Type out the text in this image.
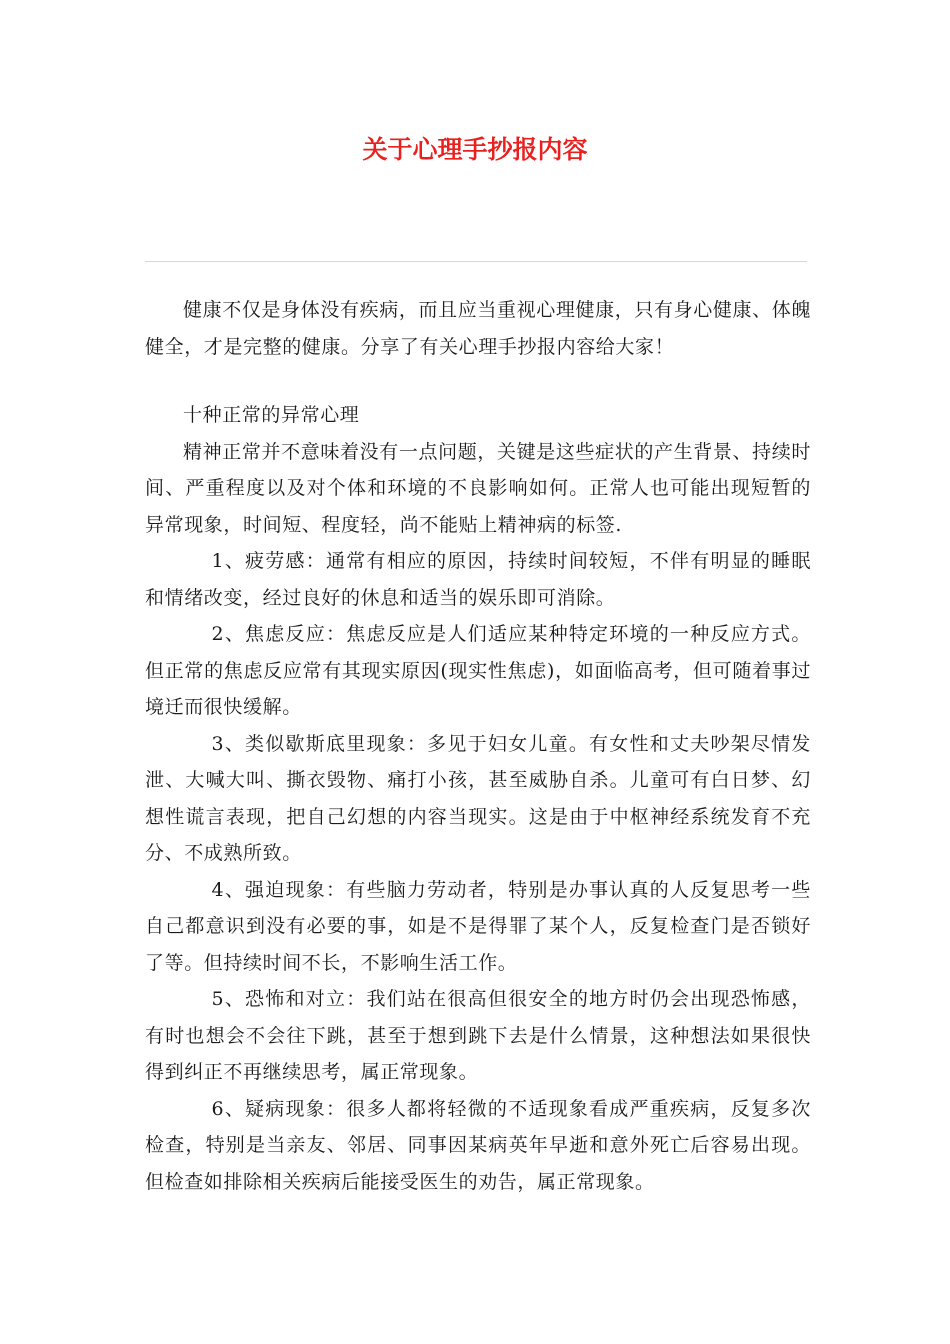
关于心理手抄报内容

健康不仅是身体没有疾病，而且应当重视心理健康，只有身心健康、体魄健全，才是完整的健康。分享了有关心理手抄报内容给大家！

十种正常的异常心理

精神正常并不意味着没有一点问题，关键是这些症状的产生背景、持续时间、严重程度以及对个体和环境的不良影响如何。正常人也可能出现短暂的异常现象，时间短、程度轻，尚不能贴上精神病的标签.

1、疲劳感：通常有相应的原因，持续时间较短，不伴有明显的睡眠和情绪改变，经过良好的休息和适当的娱乐即可消除。

2、焦虑反应：焦虑反应是人们适应某种特定环境的一种反应方式。但正常的焦虑反应常有其现实原因(现实性焦虑)，如面临高考，但可随着事过境迁而很快缓解。

3、类似歇斯底里现象：多见于妇女儿童。有女性和丈夫吵架尽情发泄、大喊大叫、撕衣毁物、痛打小孩，甚至威胁自杀。儿童可有白日梦、幻想性谎言表现，把自己幻想的内容当现实。这是由于中枢神经系统发育不充分、不成熟所致。

4、强迫现象：有些脑力劳动者，特别是办事认真的人反复思考一些自己都意识到没有必要的事，如是不是得罪了某个人，反复检查门是否锁好了等。但持续时间不长，不影响生活工作。

5、恐怖和对立：我们站在很高但很安全的地方时仍会出现恐怖感，有时也想会不会往下跳，甚至于想到跳下去是什么情景，这种想法如果很快得到纠正不再继续思考，属正常现象。

6、疑病现象：很多人都将轻微的不适现象看成严重疾病，反复多次检查，特别是当亲友、邻居、同事因某病英年早逝和意外死亡后容易出现。但检查如排除相关疾病后能接受医生的劝告，属正常现象。
